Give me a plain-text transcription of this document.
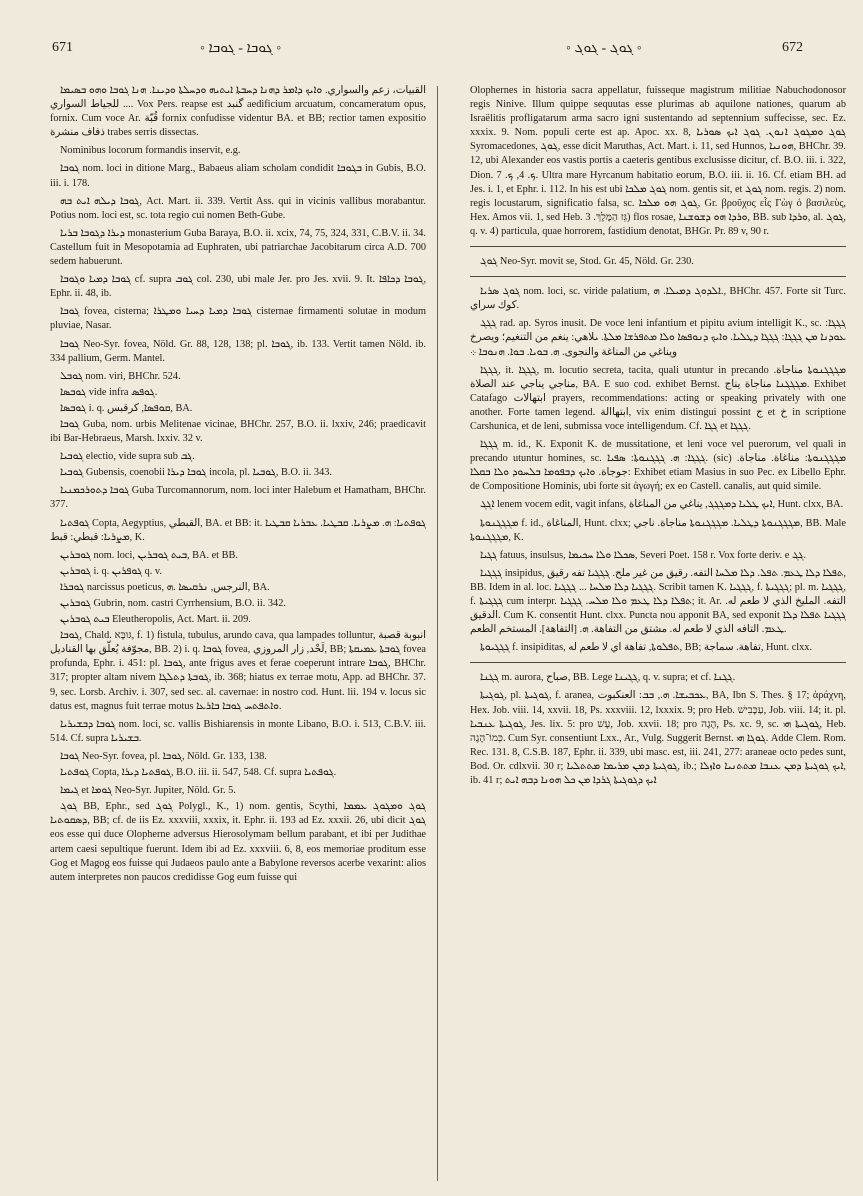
671	◦ ܓܘܒܐ - ܓܘܒܐ ◦	◦ ܓܘܓ - ܓܘܓ ◦	672

القبيات، زعم والسواري. ܘܐܝܟ ܕܐܡܪ ܕܗܢܐ ܕܚܒܬܐ ܐܝܬܝܗ ܘܕܚܠܬܐ ܘܕܝܢܐ. ܗܢܐ ܓܘܒܐ ܘܗܘ ܒܣܝܡܐ ... للجياط السواري. Vox Pers. reapse est گنبد aedificium arcuatum, concameratum opus, fornix. Cum voce Ar. قُبّة fornix confudisse videntur BA. et BB; rectior tamen expositio ذفاف منشرة trabes serris dissectas.

Nominibus locorum formandis inservit, e.g.

ܓܘܒܐ nom. loci in ditione Marg., Babaeus aliam scholam condidit ܒܓܘܒܐ in Gubis, B.O. iii. i. 178.

ܓܘܒܐ ܕܝܠܗ ܐܝܬ ܒܗ, Act. Mart. ii. 339. Vertit Ass. qui in vicinis vallibus morabantur. Potius nom. loci est, sc. tota regio cui nomen Beth-Gube.

ܕܝܪܐ ܕܓܘܒܐ ܒܪܝܐ monasterium Guba Baraya, B.O. ii. xcix, 74, 75, 324, 331, C.B.V. ii. 34. Castellum fuit in Mesopotamia ad Euphraten, ubi patriarchae Jacobitarum circa A.D. 700 sedem habuerunt.

ܓܘܒܐ ܕܡܝܐ ܘܓܘܒܐ cf. supra ܓܘܒ col. 230, ubi male Jer. pro Jes. xvii. 9. It. ܓܘܒܐ ܕܟܐܦܐ, Ephr. ii. 48, ib.

ܓܘܒܐ fovea, cisterna; ܓܘܒܐ ܕܡܝܐ ܕܚܝܐ ܘܡܛܪܐ cisternae firmamenti solutae in modum pluviae, Nasar.

ܓܘܒܐ Neo-Syr. fovea, Nöld. Gr. 88, 128, 138; pl. ܓܘܒܐ, ib. 133. Vertit tamen Nöld. ib. 334 pallium, Germ. Mantel.

ܓܘܒܠ nom. viri, BHChr. 524.

ܓܘܒܣܐ vide infra ܓܘܦܣ.

ܓܘܒܣܐ i. q. ܩܘܦܣܐ, كرقبس, BA.

ܓܘܒܐ Guba, nom. urbis Melitenae vicinae, BHChr. 257, B.O. ii. lxxiv, 246; praedicavit ibi Bar-Hebraeus, Marsh. lxxiv. 32 v.

ܓܘܒܝܐ electio, vide supra sub ܓܒ.

ܓܘܒܝܐ Gubensis, coenobii ܓܘܒܐ ܕܝܪܐ incola, pl. ܓܘܒܝܐ, B.O. ii. 343.

ܓܘܒܐ ܕܬܘܪܟܡܢܝܐ Guba Turcomannorum, nom. loci inter Halebum et Hamatham, BHChr. 377.

ܓܘܦܬܝܐ Copta, Aegyptius, القبطي, BA. et BB: it. ܓܘܦܬܝܐ: ܗ. ܡܨܪܝܐ. ܩܒܛܝܐ. ܥܒܪܝܐ ܩܒܛܝܐ ܡܨܪܝܐ: قبطي: قبط, K.

ܓܘܒܪܝܢ nom. loci, ܒܝܬ ܓܘܒܪܝܢ, BA. et BB.

ܓܘܒܪܝܢ i. q. ܓܘܦܪܝܢ q. v.

ܓܘܒܪܐ narcissus poeticus, النرجس, ܢܪܩܝܣܐ .ܗ, BA.

ܓܘܒܪܝܢ Gubrin, nom. castri Cyrrhensium, B.O. ii. 342.

ܒܝܬ ܓܘܒܪܝܢ Eleutheropolis, Act. Mart. ii. 209.

ܓܘܒܐ, Chald. גּוּבָּא, f. 1) fistula, tubulus, arundo cava, qua lampades tolluntur, انبوبة قصبة مجوّفة يُعلّق بها القناديل, BB. 2) i. q. ܓܘܒܐ fovea, لَحْد, زار المروزي, BB; ܓܘܒܬܐ ܥܡܝܩܬܐ fovea profunda, Ephr. i. 451: pl. ܓܘܒܐ, ante frigus aves et ferae coeperunt intrare ܓܘܒܐ, BHChr. 317; propter altam nivem ܓܘܒܬܐ ܕܬܠܓܐ, ib. 368; hiatus ex terrae motu, App. ad BHChr. 37. 9, sec. Lorsb. Archiv. i. 307, sed sec. al. cavernae: in nostro cod. Hunt. lii. 194 v. locus sic datus est, magnus fuit terrae motus ܘܐܬܦܬܚ ܓܘܒܐ ܒܐܪܥܐ.

ܓܘܒܐ ܕܒܫܝܪܝܐ nom. loci, sc. vallis Bishiarensis in monte Libano, B.O. i. 513, C.B.V. iii. 514. Cf. supra ܒܫܝܪܝܐ.

ܓܘܒܐ Neo-Syr. fovea, pl. ܓܘܒܐ, Nöld. Gr. 133, 138.

ܓܘܦܬܝܐ Copta, ܓܘܦܬܝܐ ܕܝܪܐ, B.O. iii. ii. 547, 548. Cf. supra ܓܘܦܬܝܐ.

ܓܝܡܐ et ܓܘܡܐ Neo-Syr. Jupiter, Nöld. Gr. 5.

ܓܘܓ BB, Ephr., sed ܓܘܓ Polygl., K., 1) nom. gentis, Scythi, ܓܘܓ ܘܡܓܘܓ ܥܡܡܐ ܕܣܩܘܬܝܐ, BB; cf. de iis Ez. xxxviii, xxxix, it. Ephr. ii. 193 ad Ez. xxxii. 26, ubi dicit ܓܘܓ eos esse qui duce Olopherne adversus Hierosolymam bellum parabant, et ibi per Judithae artem caesi sepultique fuerunt. Idem ibi ad Ez. xxxviii. 6, 8, eos memoriae proditum esse Gog et Magog eos fuisse qui Judaeos paulo ante a Babylone reversos acerbe vexarint: alios autem interpretes non paucos credidisse Gog eum fuisse qui

Olophernes in historia sacra appellatur, fuisseque magistrum militiae Nabuchodonosor regis Ninive. Illum quippe sequutas esse plurimas ab aquilone nationes, quarum ab Israëlitis profligatarum arma sacro igni sustentando ad septennium suffecisse, sec. Ez. xxxix. 9. Nom. populi certe est ap. Apoc. xx. 8, ܓܘܓ ܘܡܓܘܓ ܐܢܘܢ. ܓܘܓ ܐܝܟ ܣܘܪܝܐ Syromacedones, ܓܘܓ, esse dicit Maruthas, Act. Mart. i. 11, sed Hunnos, ܗܘܢܝܐ, BHChr. 39. 12, ubi Alexander eos vastis portis a caeteris gentibus exclusisse dicitur, cf. B.O. iii. i. 322, Dion. ܟ. 4, ܟ. 7. Ultra mare Hyrcanum habitatio eorum, B.O. iii. ii. 16. Cf. etiam BH. ad Jes. i. 1, et Ephr. i. 112. In his est ubi ܓܘܓ ܡܠܟܐ nom. gentis sit, et ܓܘܓ nom. regis. 2) nom. regis locustarum, significatio falsa, sc. ܓܘܓ ܗܘ ܡܠܟܐ, Gr. βροῦχος εἷς Γὼγ ὁ βασιλεὺς, Hex. Amos vii. 1, sed Heb. גֵּז הַמֶּלֶךְ. 3) flos rosae, ܘܪܕܐ ܗܘ ܕܫܘܫܢܐ, BB. sub ܘܪܕܐ, al. ܓܘܓ, q. v. 4) particula, quae horrorem, fastidium denotat, BHGr. Pr. 89 v, 90 r.

ܓܘܓ Neo-Syr. movit se, Stod. Gr. 45, Nöld. Gr. 230.

ܓܘܓ ܣܪܝܐ nom. loci, sc. viride palatium, ܐܠܕܘܓ ܕܡܝܠܐ. ܗ., BHChr. 457. Forte sit Turc. كوك سراي.

ܓܓܓ rad. ap. Syros inusit. De voce leni infantium et pipitu avium intelligit K., sc. ܓܓܓܐ: ܥܘܕܢܐ ܡܢ ܓܓܓܐ: ܓܓܓܐ ܕܛܠܝܐ. ܘܐܝܟ ܕܢܘܦܣܐ ܘܠܐ ܡܬܦܪܫܐ ܡܠܬܐ. ܝلاهي: ينغم من التنغيم؛ ويصرخ ويناغي من المناغة والنجوى. ܗ. ܒܘܝܐ. ܒܘܐ. ܗܢܘܒܐ ܀

ܓܓܓܐ, it. ܓܓܓܐ, m. locutio secreta, tacita, quali utuntur in precando ܡܓܓܓܢܘܬܐ مناجاة. مناجي يناجي عند الصلاة, BA. E suo cod. exhibet Bernst. ܡܓܓܓܢܐ مناجاة يناج. Exhibet Catafago ابتهالات prayers, recommendations: acting or speaking privately with one another. Forte tamen legend. ابتهاالة, vix enim distingui possint ج et خ in scriptione Carshunica, et de leni, submissa voce intelligendum. Cf. ܓܓܐ et ܓܓܓܐ.

ܓܓܓܐ m. id., K. Exponit K. de mussitatione, et leni voce vel puerorum, vel quali in precando utuntur homines, sc. ܓܓܓܐ: ܗ. ܓܓܓܢܘܬܐ: ܣܦܝܐ. (sic) ܡܓܓܓܢܘܬܐ: مناغاة. مناجاة. جوجاة. ܘܐܝܟ ܕܒܦܘܡܐ ܒܠܚܘܕ ܘܠܐ ܒܩܠܐ: Exhibet etiam Masius in suo Pec. ex Libello Ephr. de Compositione Hominis, ubi forte sit ἀγωγή; ex eo Castell. canalis, aut quid simile.

ܐܓܓ lenem vocem edit, vagit infans, ܐܝܟ ܛܠܝܐ ܕܡܓܓܓ, يناغي من المناغاة, Hunt. clxx, BA.

ܡܓܓܓܢܘܬܐ f. id., المناغاة, Hunt. clxx; ܡܓܓܓܢܘܬܐ ܕܛܠܝܐ. ܡܓܓܓܢܘܬܐ مناجاة. ناجي, BB. Male ܡܓܓܓܢܘܬܐ, K.

ܓܓܝܐ fatuus, insulsus, ܣܟܠܐ ܘܠܐ ܚܟܝܡܐ, Severi Poet. 158 r. Vox forte deriv. e ܓܓ.

ܓܓܓܝܐ insipidus, ܬܦܠܐ ܕܠܐ ܛܥܡ. ܬܦܠ. ܕܠܐ ܡܠܚܐ التفه. رقيق من غير ملح. ܓܓܓܝܐ تفه رقيق, BB. Idem in al. loc. ܓܓܓܝܐ ܕܠܐ ܡܠܚܐ ... ܓܓܓܝܐ. Scribit tamen K. ܓܓܓܝܐ, f. ܓܓܓܝܬܐ; pl. m. ܓܓܓܝܐ, f. ܓܓܓܝܬܐ cum interpr. ܬܦܠܐ ܕܠܐ ܛܥܡ ܘܠܐ ܡܠܚ. ܓܓܓܝܐ; it. Ar. التفه. المليخ الذي لا طعم له. الدقيق. Cum K. consentit Hunt. clxx. Puncta nou apponit BA, sed exponit ܓܓܓܝܐ ܬܦܠܐ ܕܠܐ ܛܥܡ. التافه الذي لا طعم له. مشتق من التفاهة. ܗ. [التفاهة]. المستخم الطعم.

ܓܓܓܝܘܬܐ f. insipiditas, ܬܦܠܘܬܐ, تفاهة اي لا طعم له, BB; تفاهة. سماجة, Hunt. clxx.

ܓܓܢܐ m. aurora, صباح, BB. Lege ܓܓܝܢܐ, q. v. supra; et cf. ܓܓܢܐ.

ܓܘܓܝܬܐ, pl. ܓܘܓܝܬܐ, f. aranea, ܥܟܒܝܫܐ. ܗ., ܒܒ: العنكبوت, BA, Ibn S. Thes. § 17; ἀράχνη, Hex. Job. viii. 14, xxvii. 18, Ps. xxxviii. 12, lxxxix. 9; pro Heb. עַכָּבִישׁ, Job. viii. 14; it. pl. ܓܘܓܝܬܐ ܥܢܒܝܐ, Jes. lix. 5: pro עָשׁ, Job. xxvii. 18; pro הֶגֶה, Ps. xc. 9, sc. ܓܘܓܝܬܐ ܗܝ, Heb. כְּמוֹ־הֶגֶה. Cum Syr. consentiunt Lxx., Ar., Vulg. Suggerit Bernst. ܓܘܓܐ ܗܝ. Adde Clem. Rom. Rec. 131. 8, C.S.B. 187, Ephr. ii. 339, ubi masc. est, iii. 241, 277: araneae octo pedes sunt, Bod. Or. cdlxvii. 30 r; ܓܘܓܝܬܐ ܕܡܢ ܡܪܝܡܐ ܡܬܬܠܝܐ, ib.; ܐܝܟ ܓܘܓܝܬܐ ܕܡܢ ܥܢܒܐ ܡܬܬܢܝܐ ܘܐܙܠܐ, ib. 41 r; ܐܝܟ ܕܓܘܓܝܬܐ ܓܪܕܐ ܡܢ ܟܠ ܗܘܢܐ ܕܒܗ ܐܝܬ
